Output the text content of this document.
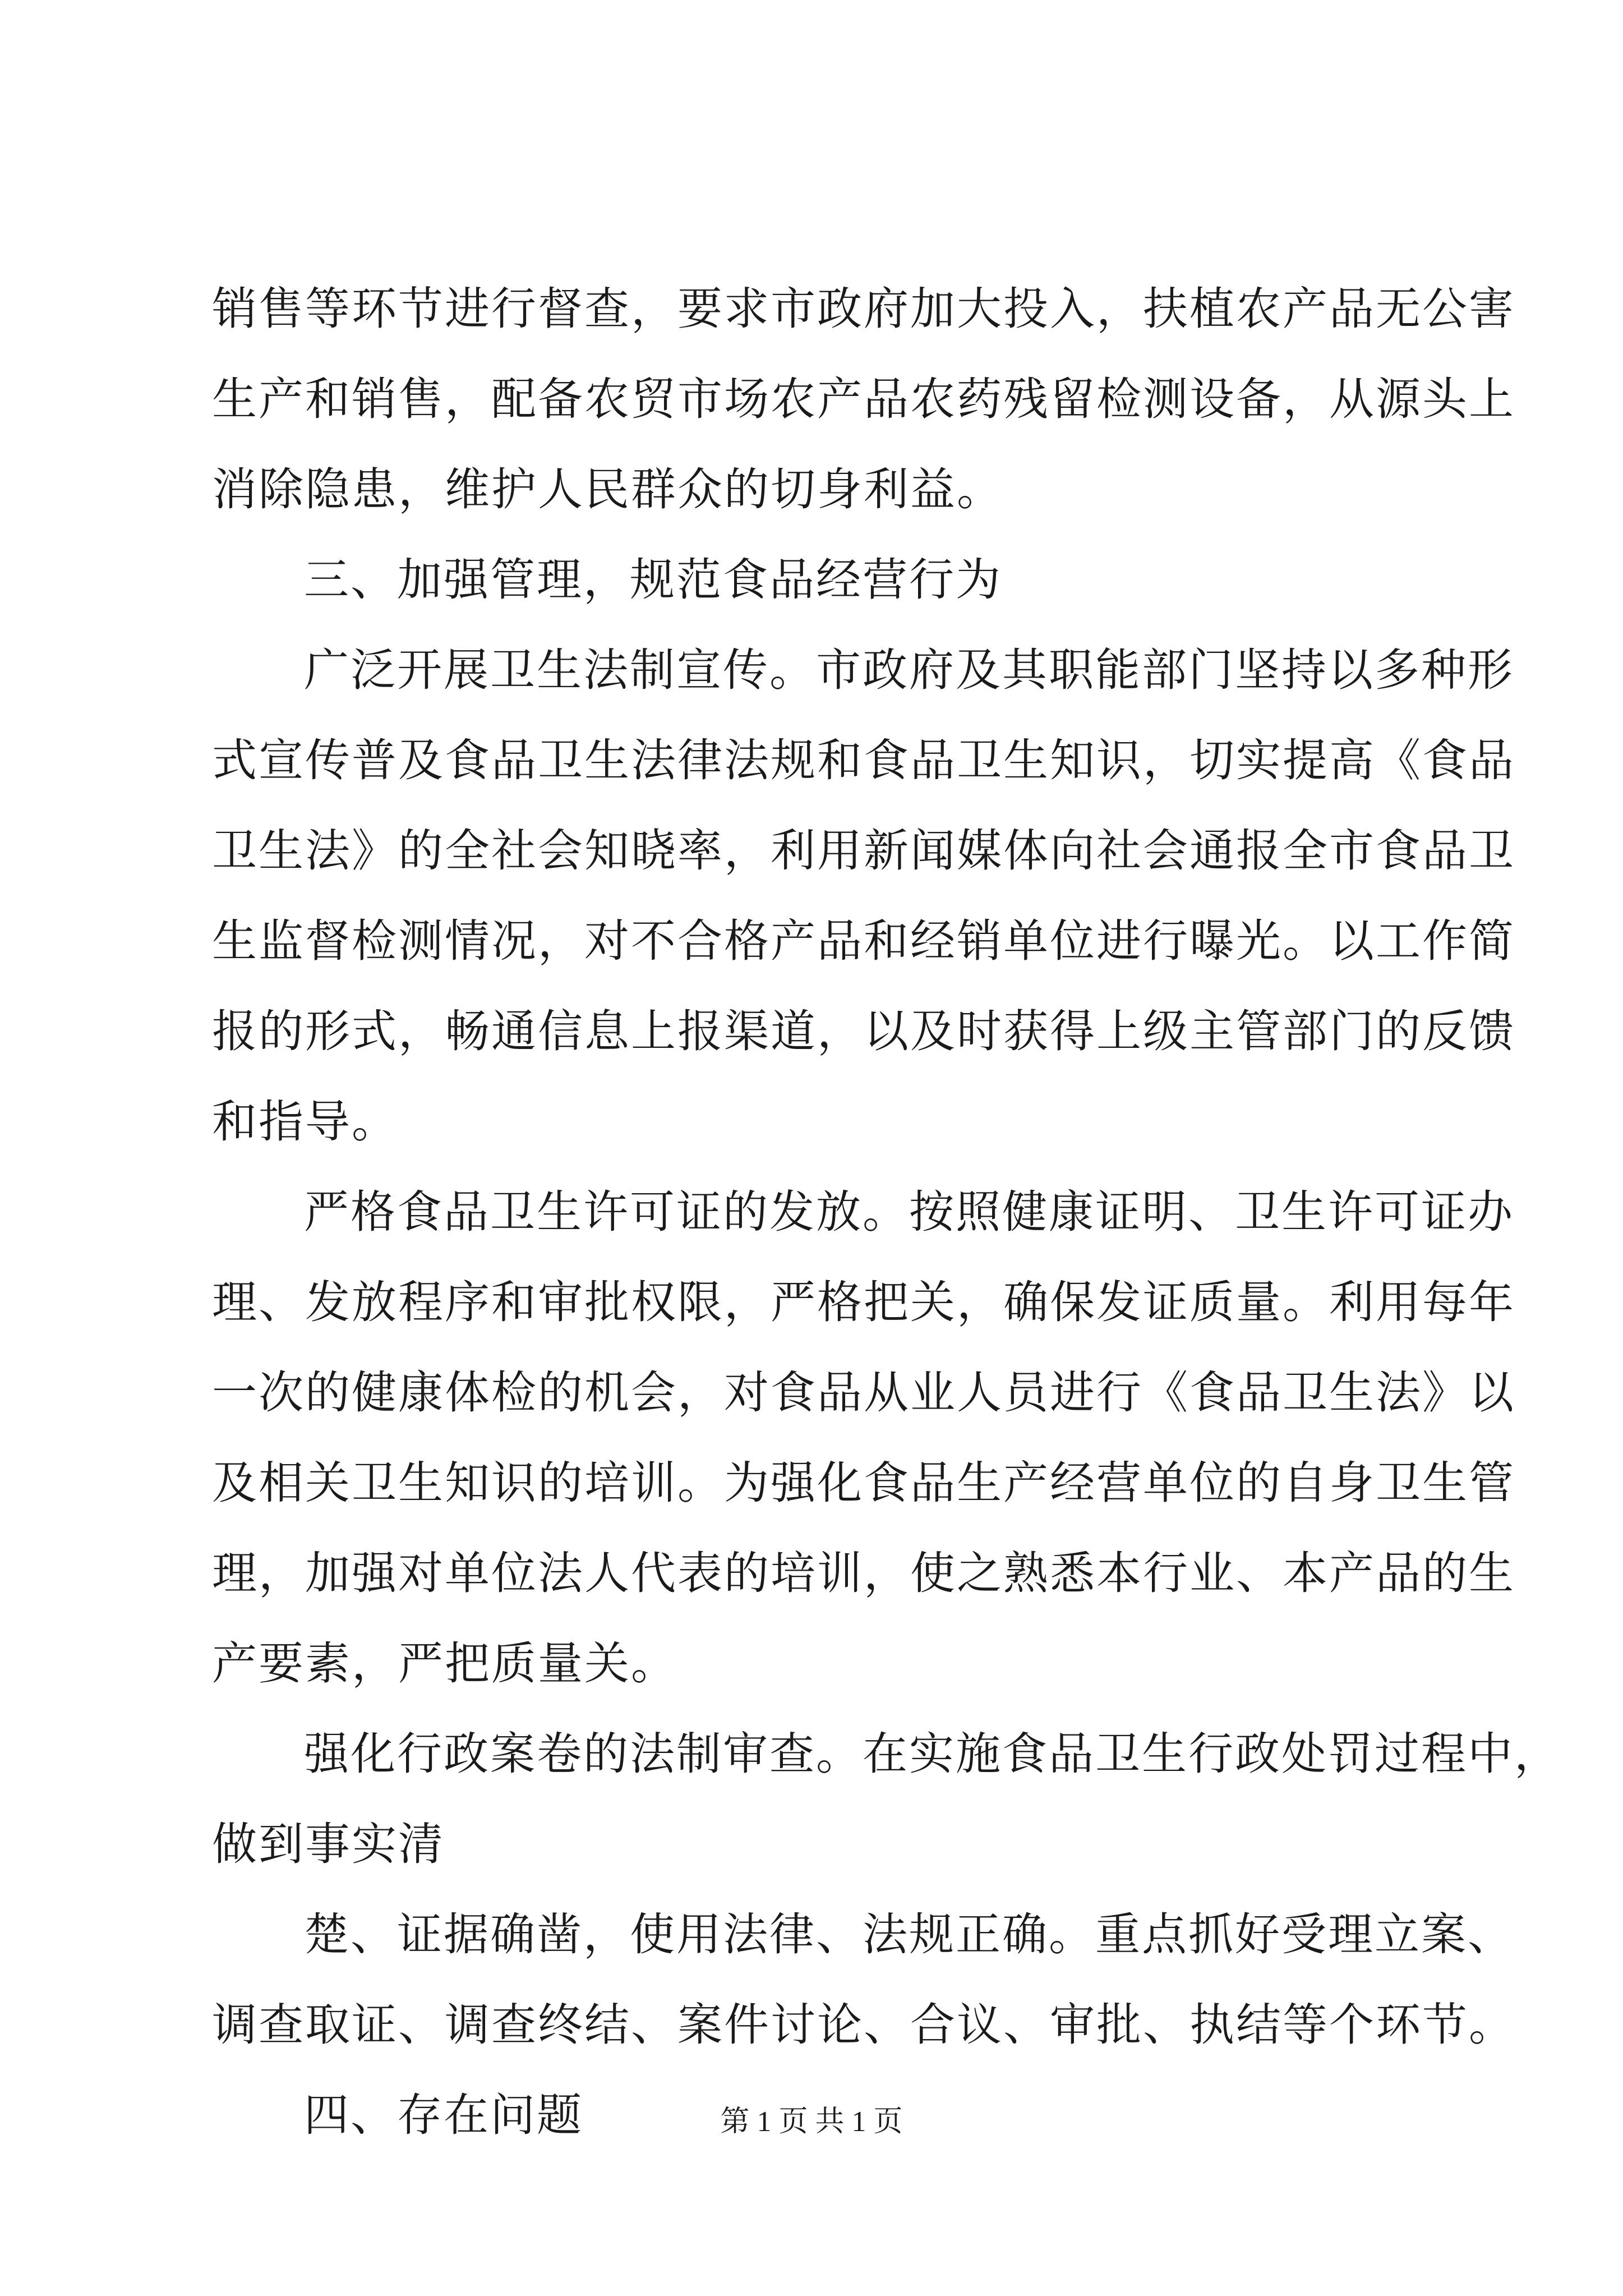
销售等环节进行督查，要求市政府加大投入，扶植农产品无公害
生产和销售，配备农贸市场农产品农药残留检测设备，从源头上
消除隐患，维护人民群众的切身利益。
三、加强管理，规范食品经营行为
广泛开展卫生法制宣传。市政府及其职能部门坚持以多种形
式宣传普及食品卫生法律法规和食品卫生知识，切实提高《食品
卫生法》的全社会知晓率，利用新闻媒体向社会通报全市食品卫
生监督检测情况，对不合格产品和经销单位进行曝光。以工作简
报的形式，畅通信息上报渠道，以及时获得上级主管部门的反馈
和指导。
严格食品卫生许可证的发放。按照健康证明、卫生许可证办
理、发放程序和审批权限，严格把关，确保发证质量。利用每年
一次的健康体检的机会，对食品从业人员进行《食品卫生法》以
及相关卫生知识的培训。为强化食品生产经营单位的自身卫生管
理，加强对单位法人代表的培训，使之熟悉本行业、本产品的生
产要素，严把质量关。
强化行政案卷的法制审查。在实施食品卫生行政处罚过程中，
做到事实清
楚、证据确凿，使用法律、法规正确。重点抓好受理立案、
调查取证、调查终结、案件讨论、合议、审批、执结等个环节。
四、存在问题	第 1 页 共 1 页
